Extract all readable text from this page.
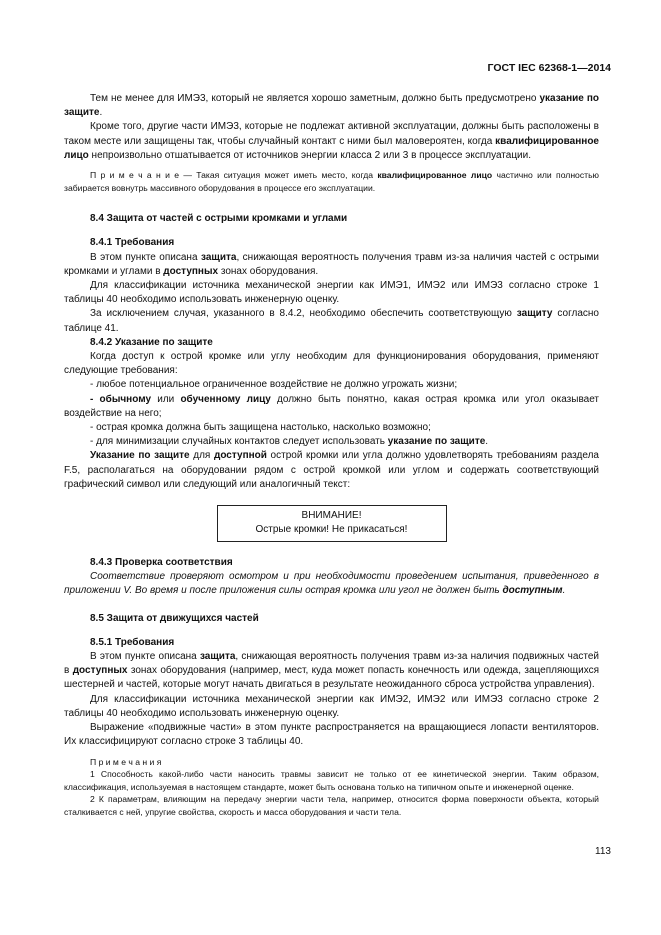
ГОСТ IEC 62368-1—2014

Тем не менее для ИМЭ3, который не является хорошо заметным, должно быть предусмотрено указание по защите.

Кроме того, другие части ИМЭ3, которые не подлежат активной эксплуатации, должны быть расположены в таком месте или защищены так, чтобы случайный контакт с ними был маловероятен, когда квалифицированное лицо непроизвольно отшатывается от источников энергии класса 2 или 3 в процессе эксплуатации.

П р и м е ч а н и е — Такая ситуация может иметь место, когда квалифицированное лицо частично или полностью забирается вовнутрь массивного оборудования в процессе его эксплуатации.

8.4 Защита от частей с острыми кромками и углами

8.4.1 Требования

В этом пункте описана защита, снижающая вероятность получения травм из-за наличия частей с острыми кромками и углами в доступных зонах оборудования.

Для классификации источника механической энергии как ИМЭ1, ИМЭ2 или ИМЭ3 согласно строке 1 таблицы 40 необходимо использовать инженерную оценку.

За исключением случая, указанного в 8.4.2, необходимо обеспечить соответствующую защиту согласно таблице 41.

8.4.2 Указание по защите

Когда доступ к острой кромке или углу необходим для функционирования оборудования, применяют следующие требования:

- любое потенциальное ограниченное воздействие не должно угрожать жизни;

- обычному или обученному лицу должно быть понятно, какая острая кромка или угол оказывает воздействие на него;

- острая кромка должна быть защищена настолько, насколько возможно;

- для минимизации случайных контактов следует использовать указание по защите.

Указание по защите для доступной острой кромки или угла должно удовлетворять требованиям раздела F.5, располагаться на оборудовании рядом с острой кромкой или углом и содержать соответствующий графический символ или следующий или аналогичный текст:

ВНИМАНИЕ!
Острые кромки! Не прикасаться!

8.4.3 Проверка соответствия

Соответствие проверяют осмотром и при необходимости проведением испытания, приведенного в приложении V. Во время и после приложения силы острая кромка или угол не должен быть доступным.

8.5 Защита от движущихся частей

8.5.1 Требования

В этом пункте описана защита, снижающая вероятность получения травм из-за наличия подвижных частей в доступных зонах оборудования (например, мест, куда может попасть конечность или одежда, зацепляющихся шестерней и частей, которые могут начать двигаться в результате неожиданного сброса устройства управления).

Для классификации источника механической энергии как ИМЭ2, ИМЭ2 или ИМЭ3 согласно строке 2 таблицы 40 необходимо использовать инженерную оценку.

Выражение «подвижные части» в этом пункте распространяется на вращающиеся лопасти вентиляторов. Их классифицируют согласно строке 3 таблицы 40.

П р и м е ч а н и я

1 Способность какой-либо части наносить травмы зависит не только от ее кинетической энергии. Таким образом, классификация, используемая в настоящем стандарте, может быть основана только на типичном опыте и инженерной оценке.

2 К параметрам, влияющим на передачу энергии части тела, например, относится форма поверхности объекта, который сталкивается с ней, упругие свойства, скорость и масса оборудования и части тела.

113
